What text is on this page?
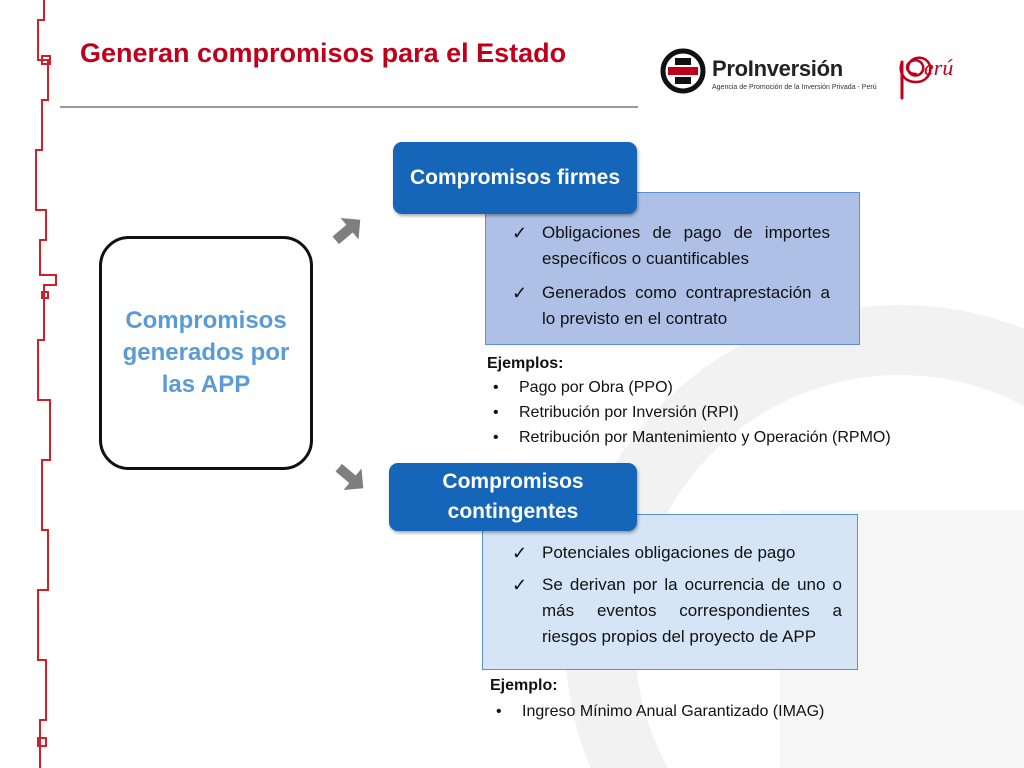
Generan compromisos para el Estado
ProInversión
Agencia de Promoción de la Inversión Privada - Perú
erú
Compromisos generados por las APP
Compromisos firmes
✓ Obligaciones de pago de importes específicos o cuantificables
✓ Generados como contraprestación a lo previsto en el contrato
Ejemplos:
•	Pago por Obra (PPO)
•	Retribución por Inversión (RPI)
•	Retribución por Mantenimiento y Operación (RPMO)
Compromisos contingentes
✓ Potenciales obligaciones de pago
✓ Se derivan por la ocurrencia de uno o más eventos correspondientes a riesgos propios del proyecto de APP
Ejemplo:
•	Ingreso Mínimo Anual Garantizado (IMAG)
